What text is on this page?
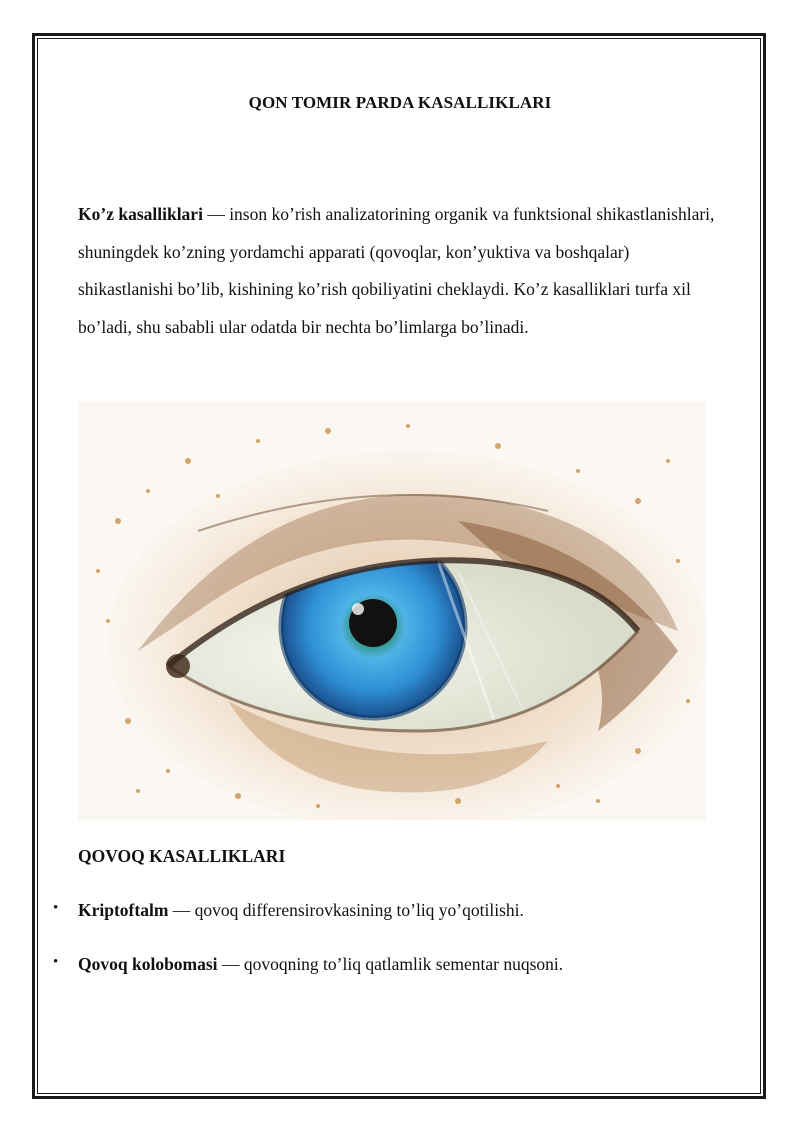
QON TOMIR PARDA KASALLIKLARI

Ko’z kasalliklari — inson ko’rish analizatorining organik va funktsional shikastlanishlari, shuningdek ko’zning yordamchi apparati (qovoqlar, kon’yuktiva va boshqalar) shikastlanishi bo’lib, kishining ko’rish qobiliyatini cheklaydi. Ko’z kasalliklari turfa xil bo’ladi, shu sababli ular odatda bir nechta bo’limlarga bo’linadi.

QOVOQ KASALLIKLARI

• Kriptoftalm — qovoq differensirovkasining to’liq yo’qotilishi.

• Qovoq kolobomasi — qovoqning to’liq qatlamlik sementar nuqsoni.
